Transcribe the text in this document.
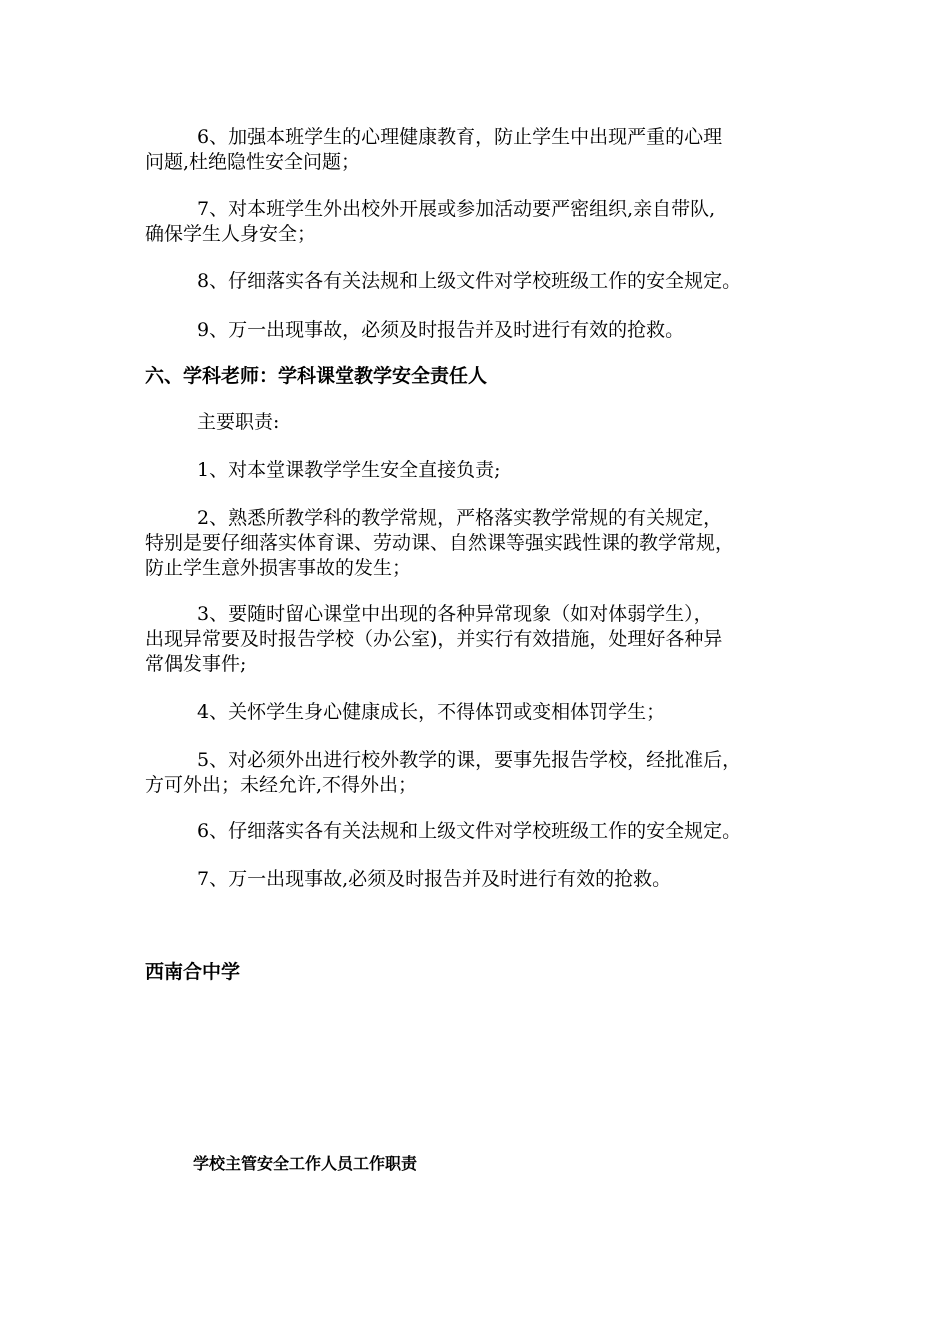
6、加强本班学生的心理健康教育，防止学生中出现严重的心理
问题,杜绝隐性安全问题；

7、对本班学生外出校外开展或参加活动要严密组织,亲自带队,
确保学生人身安全；

8、仔细落实各有关法规和上级文件对学校班级工作的安全规定。

9、万一出现事故，必须及时报告并及时进行有效的抢救。

六、学科老师：学科课堂教学安全责任人

主要职责:

1、对本堂课教学学生安全直接负责;

2、熟悉所教学科的教学常规，严格落实教学常规的有关规定，
特别是要仔细落实体育课、劳动课、自然课等强实践性课的教学常规，
防止学生意外损害事故的发生；

3、要随时留心课堂中出现的各种异常现象（如对体弱学生），
出现异常要及时报告学校（办公室)，并实行有效措施，处理好各种异
常偶发事件;

4、关怀学生身心健康成长，不得体罚或变相体罚学生；

5、对必须外出进行校外教学的课，要事先报告学校，经批准后，
方可外出；未经允许,不得外出；

6、仔细落实各有关法规和上级文件对学校班级工作的安全规定。

7、万一出现事故,必须及时报告并及时进行有效的抢救。

西南合中学
学校主管安全工作人员工作职责
